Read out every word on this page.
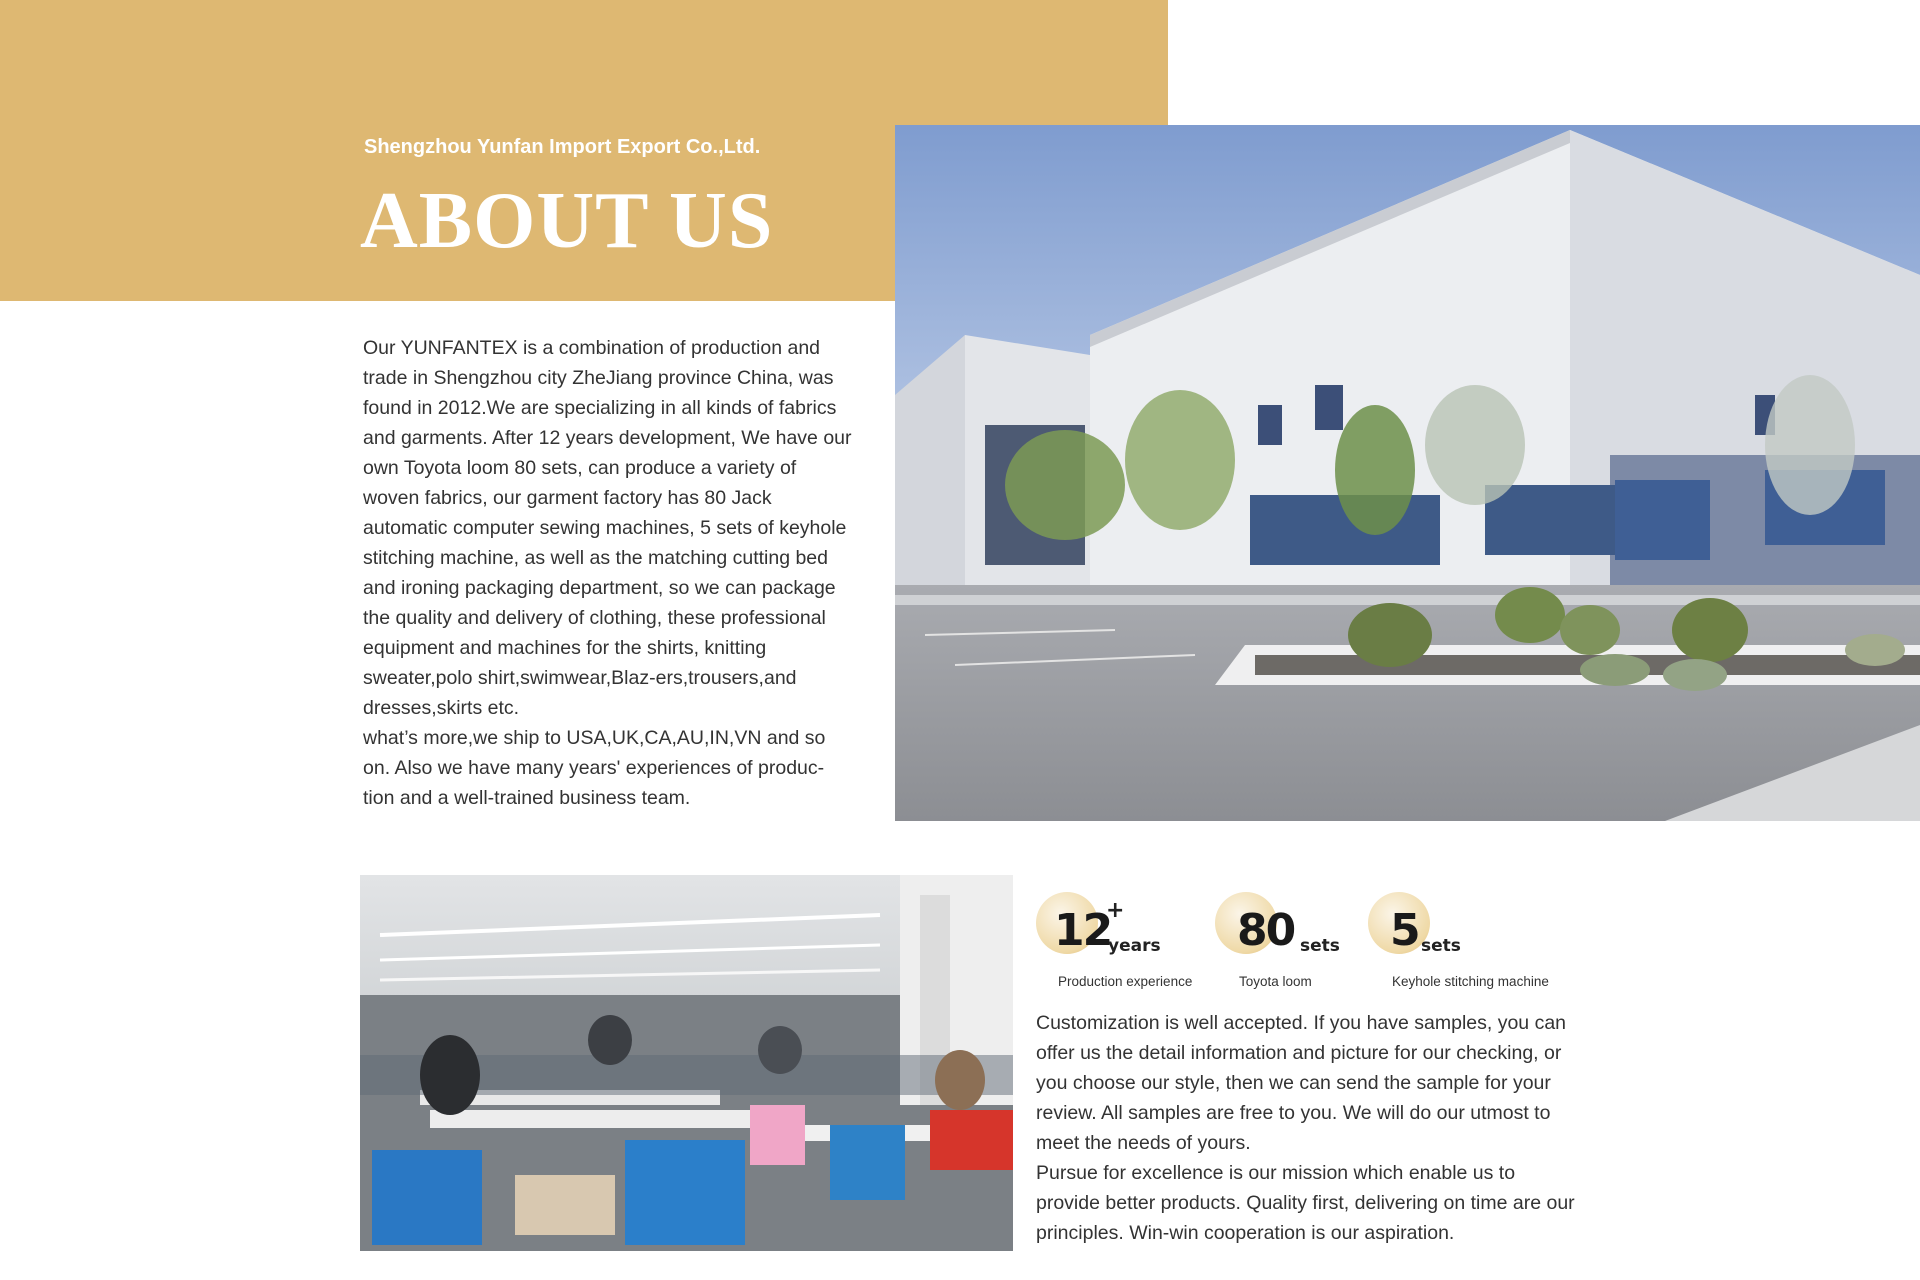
Shengzhou Yunfan Import Export Co.,Ltd.
ABOUT US

Our YUNFANTEX is a combination of production and trade in Shengzhou city ZheJiang province China, was found in 2012.We are specializing in all kinds of fabrics and garments. After 12 years development, We have our own Toyota loom 80 sets, can produce a variety of woven fabrics, our garment factory has 80 Jack automatic computer sewing machines, 5 sets of keyhole stitching machine, as well as the matching cutting bed and ironing packaging department, so we can package the quality and delivery of clothing, these professional equipment and machines for the shirts, knitting sweater,polo shirt,swimwear,Blaz-ers,trousers,and dresses,skirts etc.

what’s more,we ship to USA,UK,CA,AU,IN,VN and so on. Also we have many years' experiences of produc-tion and a well-trained business team.

12
+
years
Production experience
80 sets
Toyota loom
5 sets
Keyhole stitching machine

Customization is well accepted. If you have samples, you can offer us the detail information and picture for our checking, or you choose our style, then we can send the sample for your review. All samples are free to you. We will do our utmost to meet the needs of yours.

Pursue for excellence is our mission which enable us to provide better products. Quality first, delivering on time are our principles. Win-win cooperation is our aspiration.
